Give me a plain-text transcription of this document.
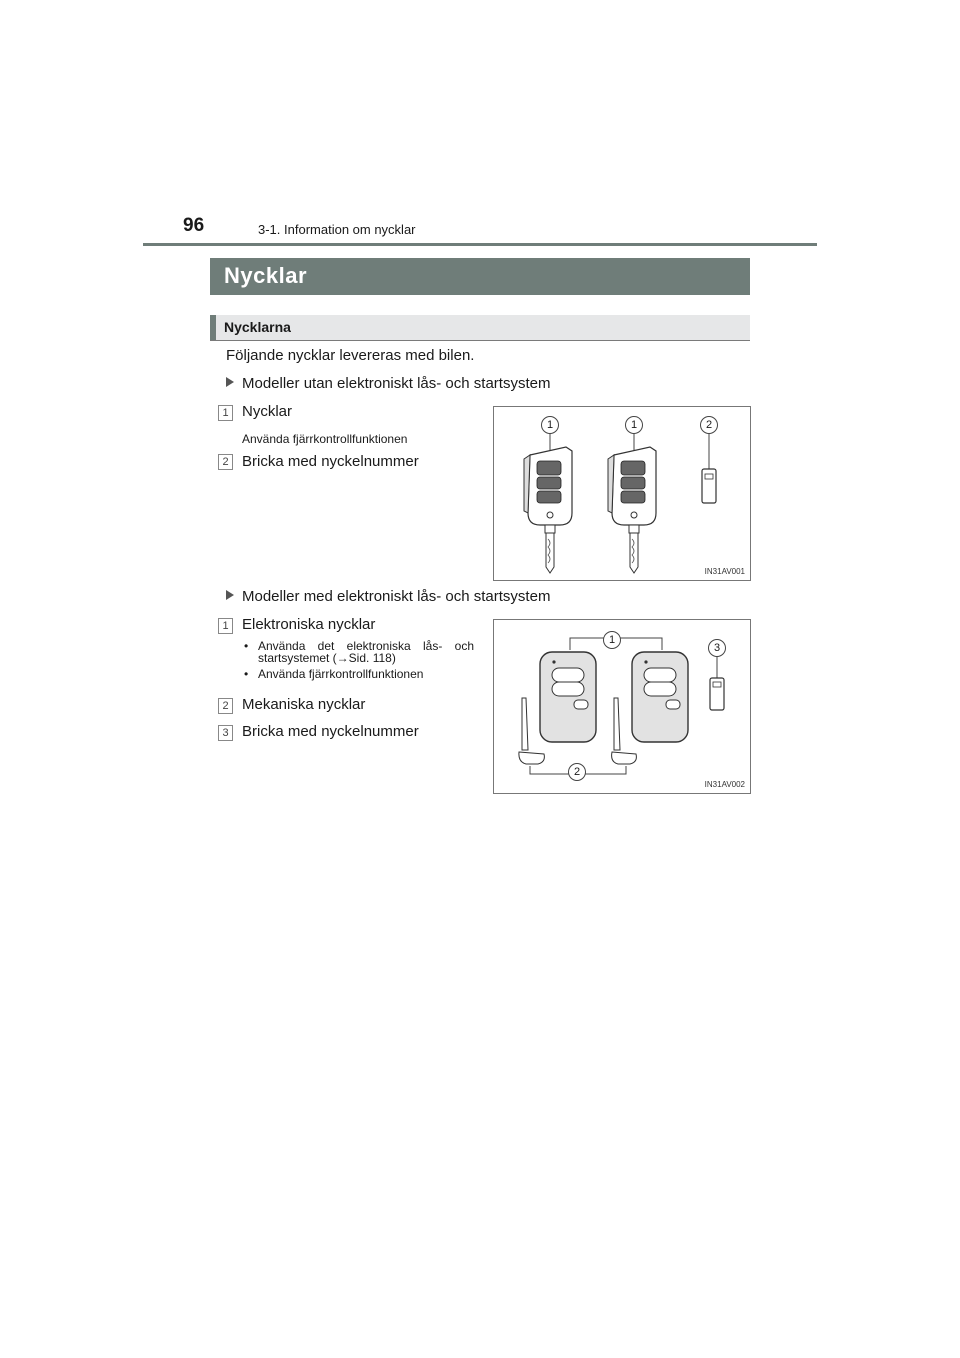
96	3-1. Information om nycklar
Nycklar
Nycklarna
Följande nycklar levereras med bilen.
Modeller utan elektroniskt lås- och startsystem
1 Nycklar
Använda fjärrkontrollfunktionen
2 Bricka med nyckelnummer
1	1	2
IN31AV001
Modeller med elektroniskt lås- och startsystem
1 Elektroniska nycklar
• Använda det elektroniska lås- och startsystemet (→Sid. 118)
• Använda fjärrkontrollfunktionen
2 Mekaniska nycklar
3 Bricka med nyckelnummer
1
3
2
IN31AV002
